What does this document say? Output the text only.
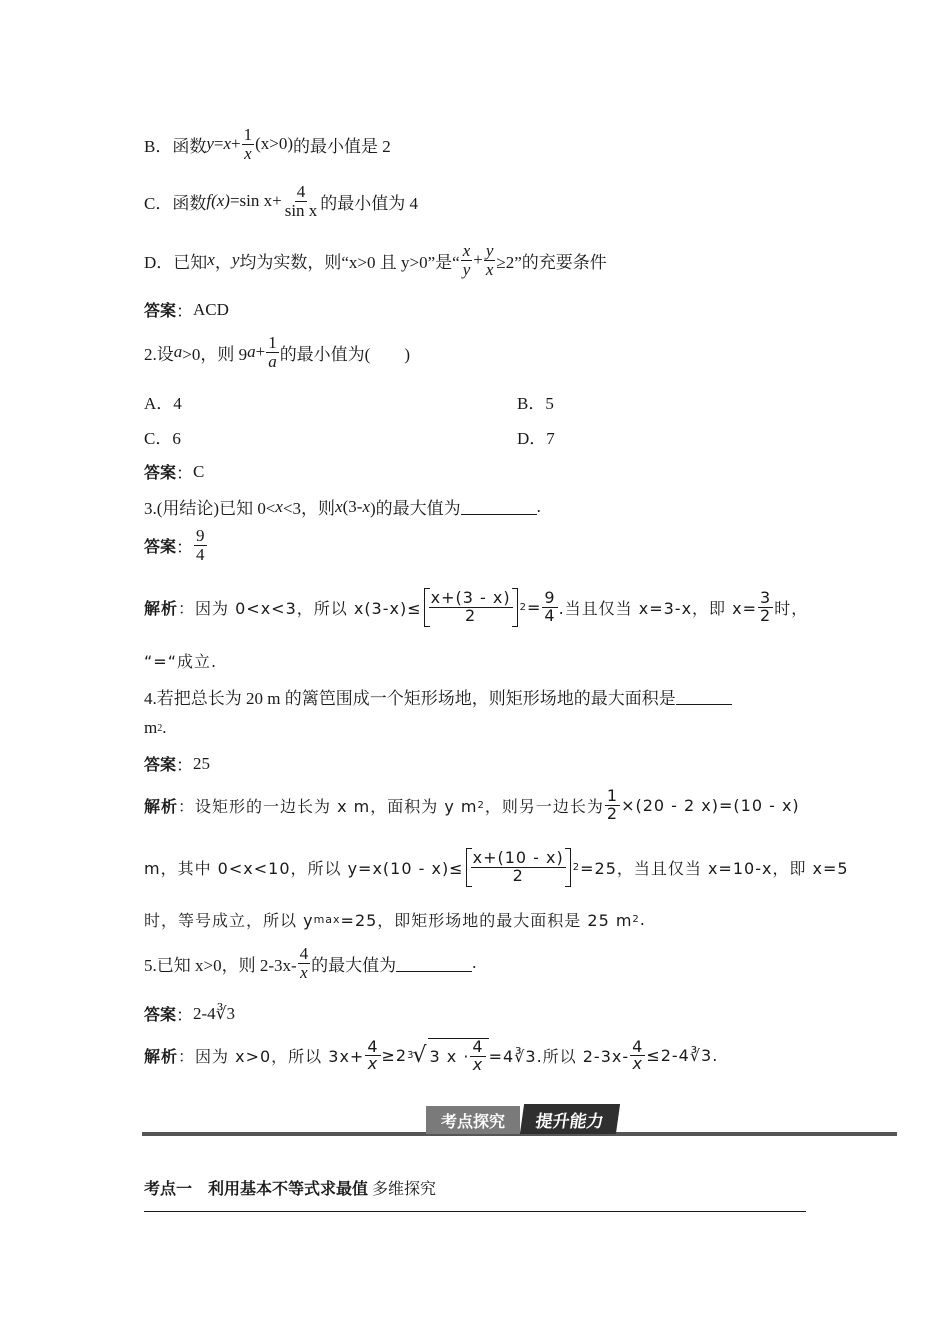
B．函数 $y = x + \frac{1}{x} (x>0)$ 的最小值是 2
C．函数 f(x) =sin $x+ \frac{4}{\text{sin x}}$ 的最小值为 4
D．已知 x ， y 均为实数，则“x>0 且 y>0”是“ $\frac{x}{y} + \frac{y}{x} \ge 2$”的充要条件
答案 ： ACD
2.设 a >0，则 9 $a + \frac{1}{a}$ 的最小值为(        )
A．4	B．5
C．6	D．7
答案 ： C
3.(用结论)已知 0< x <3，则 x (3- x )的最大值为	.
答案 ： $\frac{9}{4}$
解析 ： 因为 0<x<3，所以 $x(3-x)\le \frac{x+(3 - x)}{2} 2 = \frac{9}{4}$ .当且仅当 x=3-x，即 $x= \frac{3}{2}$ 时，
“=“成立.
4.若把总长为 20 m 的篱笆围成一个矩形场地，则矩形场地的最大面积是
m 2 .
答案 ： 25
解析 ： 设矩形的一边长为 x m，面积为 y m 2 ，则另一边长为 $\frac{1}{2} \times(20 - 2$ x)=(10 - x)
m，其中 0<x<10，所以 $y=x(10 - x)\le \frac{x+(10 - x)}{2} 2 =25$，当且仅当 x=10-x，即 x=5
时，等号成立，所以 y max =25，即矩形场地的最大面积是 25 m 2 .
5.已知 x>0，则 $2-3x- \frac{4}{x}$ 的最大值为	.
答案 ： 2-4∛3
解析 ： 因为 x>0，所以 $3x+ \frac{4}{x} \ge 2$ 3
√ 3 $x \cdot \frac{4}{x}$ =4∛3.所以 $2-3x- \frac{4}{x}$ ≤2-4∛3.
考点探究	提升能力
考点一　利用基本不等式求最值 多维探究
